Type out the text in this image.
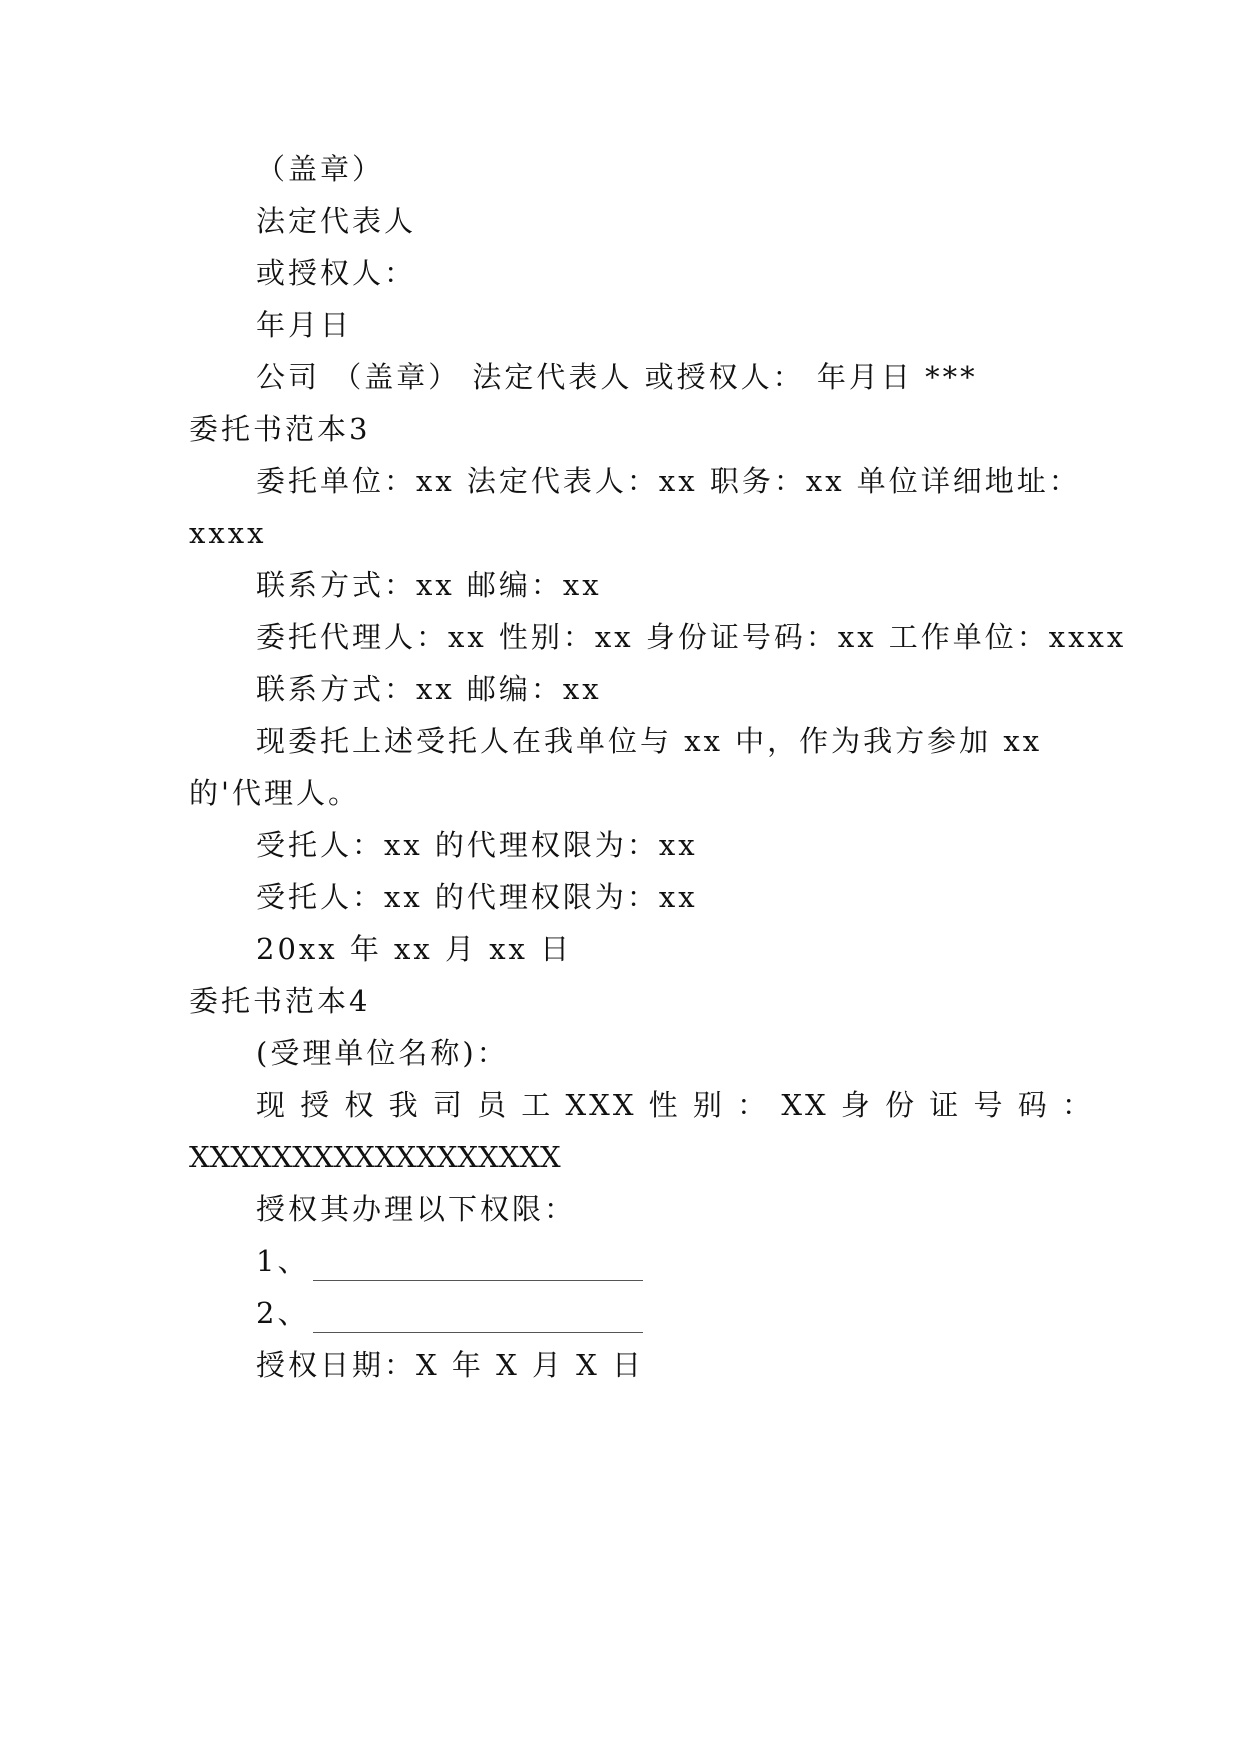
（盖章）
法定代表人
或授权人：
年月日
公司 （盖章） 法定代表人 或授权人： 年月日 ***
委托书范本3
委托单位：xx 法定代表人：xx 职务：xx 单位详细地址：
xxxx
联系方式：xx 邮编：xx
委托代理人：xx 性别：xx 身份证号码：xx 工作单位：xxxx
联系方式：xx 邮编：xx
现委托上述受托人在我单位与 xx 中，作为我方参加 xx
的'代理人。
受托人：xx 的代理权限为：xx
受托人：xx 的代理权限为：xx
20xx 年 xx 月 xx 日
委托书范本4
(受理单位名称)：
现 授 权 我 司 员 工 XXX 性 别 ： XX 身 份 证 号 码 ：
XXXXXXXXXXXXXXXXXX
授权其办理以下权限：
1、
2、
授权日期：X 年 X 月 X 日
